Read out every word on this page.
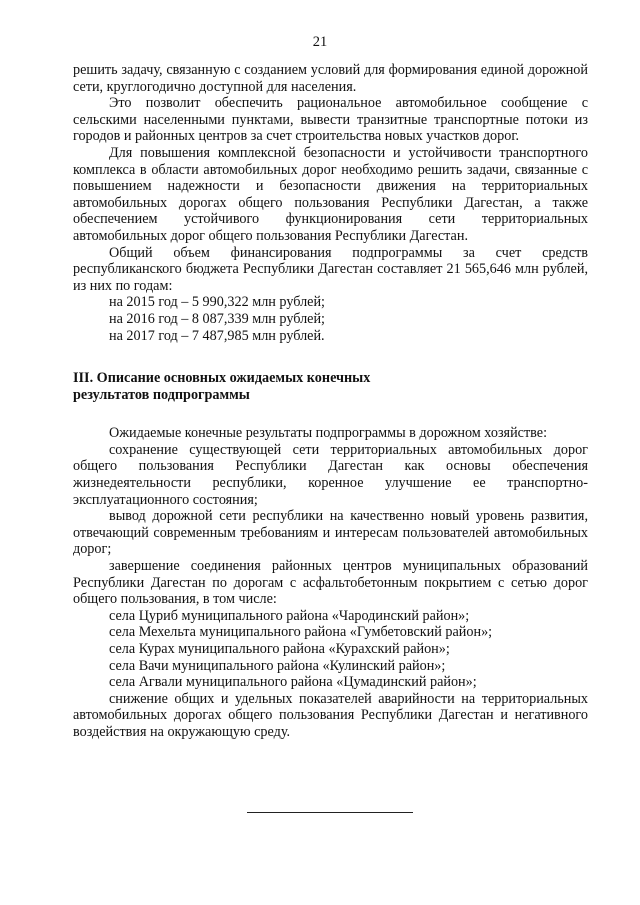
21

решить задачу, связанную с созданием условий для формирования единой дорожной сети, круглогодично доступной для населения.

Это позволит обеспечить рациональное автомобильное сообщение с сельскими населенными пунктами, вывести транзитные транспортные потоки из городов и районных центров за счет строительства новых участков дорог.

Для повышения комплексной безопасности и устойчивости транспортного комплекса в области автомобильных дорог необходимо решить задачи, связанные с повышением надежности и безопасности движения на территориальных автомобильных дорогах общего пользования Республики Дагестан, а также обеспечением устойчивого функционирования сети территориальных автомобильных дорог общего пользования Республики Дагестан.

Общий объем финансирования подпрограммы за счет средств республиканского бюджета Республики Дагестан составляет 21 565,646 млн рублей, из них по годам:

на 2015 год – 5 990,322 млн рублей;

на 2016 год – 8 087,339 млн рублей;

на 2017 год – 7 487,985 млн рублей.

III. Описание основных ожидаемых конечных

результатов подпрограммы

Ожидаемые конечные результаты подпрограммы в дорожном хозяйстве:

сохранение существующей сети территориальных автомобильных дорог общего пользования Республики Дагестан как основы обеспечения жизнедеятельности республики, коренное улучшение ее транспортно-эксплуатационного состояния;

вывод дорожной сети республики на качественно новый уровень развития, отвечающий современным требованиям и интересам пользователей автомобильных дорог;

завершение соединения районных центров муниципальных образований Республики Дагестан по дорогам с асфальтобетонным покрытием с сетью дорог общего пользования, в том числе:

села Цуриб муниципального района «Чародинский район»;

села Мехельта муниципального района «Гумбетовский район»;

села Курах муниципального района «Курахский район»;

села Вачи муниципального района «Кулинский район»;

села Агвали муниципального района «Цумадинский район»;

снижение общих и удельных показателей аварийности на территориальных автомобильных дорогах общего пользования Республики Дагестан и негативного воздействия на окружающую среду.
